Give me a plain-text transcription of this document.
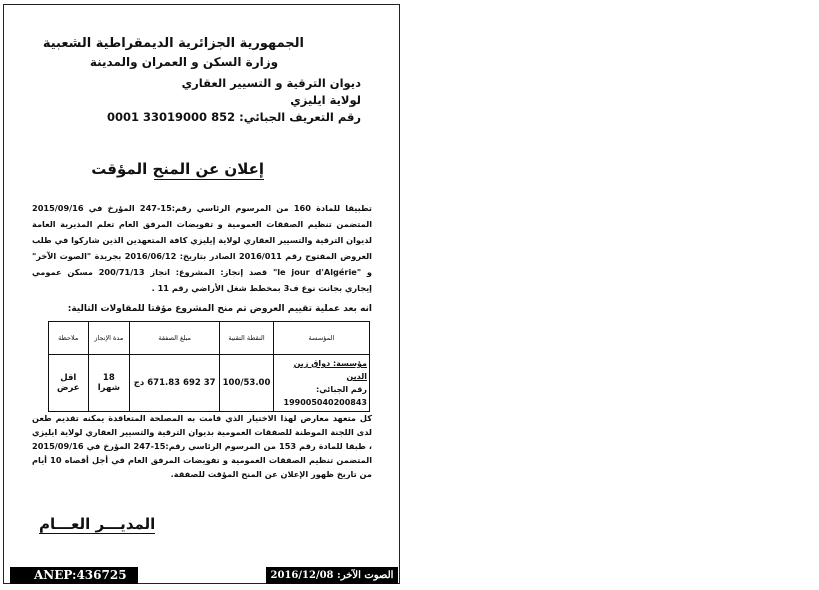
الجمهورية الجزائرية الديمقراطية الشعبية
وزارة السكن و العمران والمدينة
ديوان الترقية و التسيير العقاري
لولاية ايليزي
رقم التعريف الجبائي: 852 33019000 0001
إعلان عن المنح المؤقت
تطبيقا للمادة 160 من المرسوم الرئاسي رقم:15-247 المؤرخ في 2015/09/16 المتضمن تنظيم الصفقات العمومية و تفويضات المرفق العام تعلم المديرية العامة لديوان الترقية والتسيير العقاري لولاية إيليزي كافة المتعهدين الذين شاركوا في طلب العروض المفتوح رقم 2016/011 الصادر بتاريخ: 2016/06/12 بجريدة "الصوت الآخر" و "le jour d'Algérie" قصد إنجاز: المشروع: انجاز 200/71/13 مسكن عمومي إيجاري بجانت نوع ف3 بمخطط شغل الأراضي رقم 11 .
انه بعد عملية تقييم العروض تم منح المشروع مؤقتا للمقاولات التالية:
المؤسسة	النقطة التقنية	مبلغ الصفقة	مدة الإنجاز	ملاحظة

مؤسسة: دواق زين الدين
رقم الجبائي: 199005040200843	100/53.00	37 692 671.83 دج	18 شهرا	اقل عرض
كل متعهد معارض لهذا الاختيار الذي قامت به المصلحة المتعاقدة يمكنه تقديم طعن لدى اللجنة الموطنة للصفقات العمومية بديوان الترقية والتسيير العقاري لولاية ايليزي ، طبقا للمادة رقم 153 من المرسوم الرئاسي رقم:15-247 المؤرخ في 2015/09/16 المتضمن تنظيم الصفقات العمومية و تفويضات المرفق العام في أجل أقصاه 10 أيام من تاريخ ظهور الإعلان عن المنح المؤقت للصفقة.
المديـــر العـــام
ANEP:436725	الصوت الآخر: 2016/12/08
